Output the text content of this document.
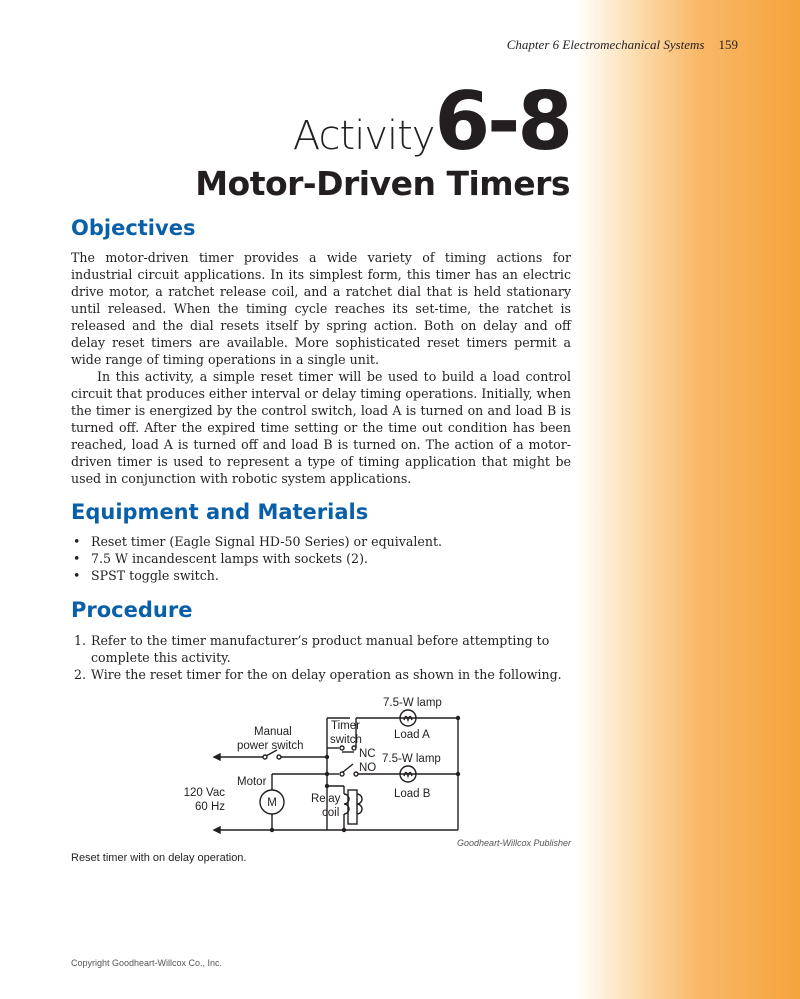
Chapter 6 Electromechanical Systems 159
Activity 6-8
Motor-Driven Timers
Objectives

The motor-driven timer provides a wide variety of timing actions for industrial circuit applications. In its simplest form, this timer has an electric drive motor, a ratchet release coil, and a ratchet dial that is held stationary until released. When the timing cycle reaches its set-time, the ratchet is released and the dial resets itself by spring action. Both on delay and off delay reset timers are available. More sophisticated reset timers permit a wide range of timing operations in a single unit.

In this activity, a simple reset timer will be used to build a load control circuit that produces either interval or delay timing operations. Initially, when the timer is energized by the control switch, load A is turned on and load B is turned off. After the expired time setting or the time out condition has been reached, load A is turned off and load B is turned on. The action of a motor-driven timer is used to represent a type of timing application that might be used in conjunction with robotic system applications.

Equipment and Materials
• Reset timer (Eagle Signal HD-50 Series) or equivalent.
• 7.5 W incandescent lamps with sockets (2).
• SPST toggle switch.
Procedure
1. Refer to the timer manufacturer’s product manual before attempting to complete this activity.
2. Wire the reset timer for the on delay operation as shown in the following.
7.5-W lamp
Load A
7.5-W lamp
Load B
Manual
power switch
Timer
switch
NC
NO
Motor
M
120 Vac
60 Hz
Relay
coil
Goodheart-Willcox Publisher
Reset timer with on delay operation.
Copyright Goodheart-Willcox Co., Inc.
